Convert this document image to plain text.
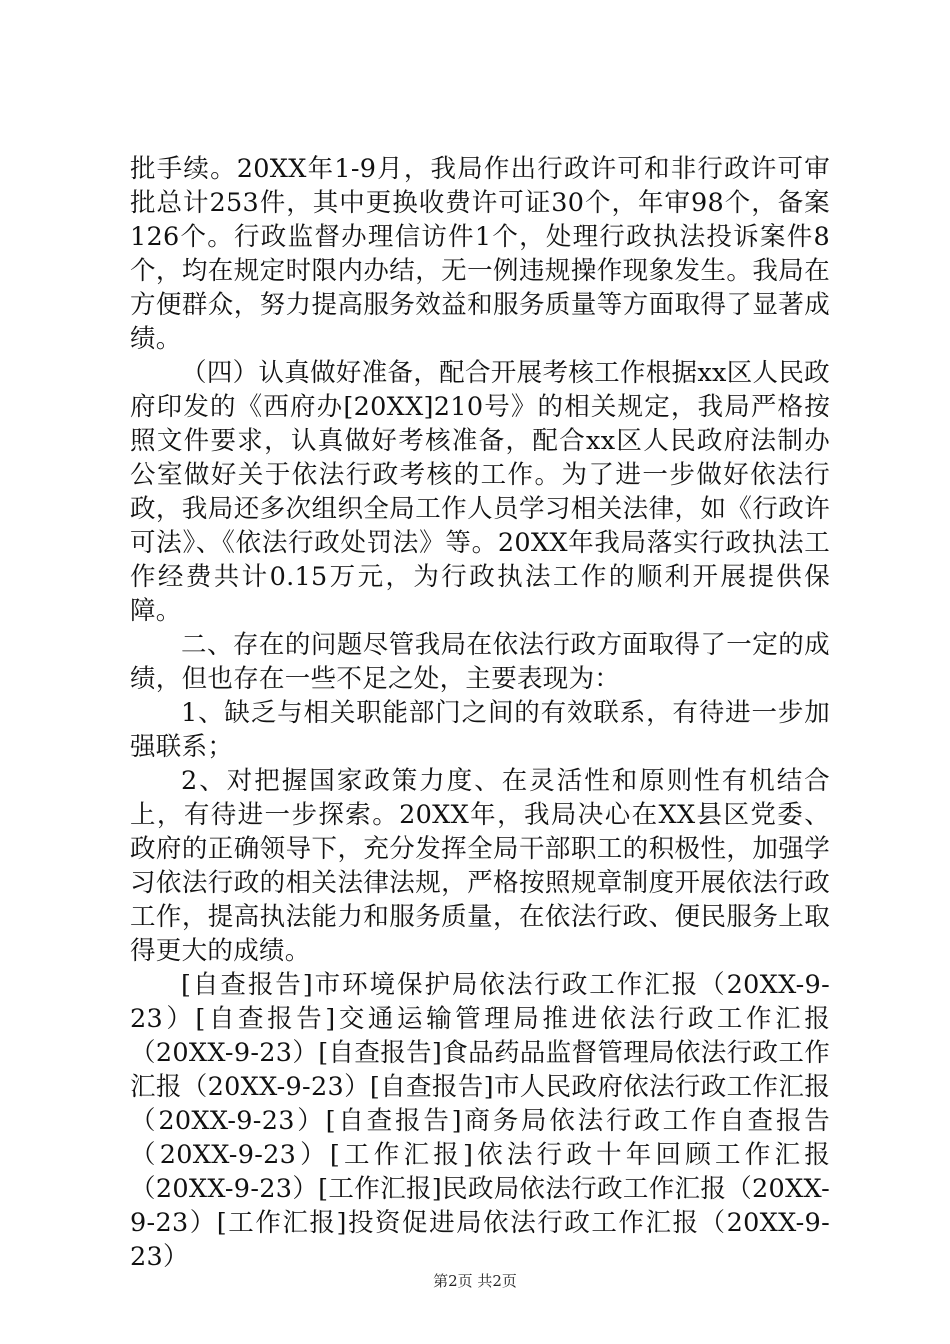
批手续。20XX年1-9月，我局作出行政许可和非行政许可审批总计253件，其中更换收费许可证30个，年审98个，备案126个。行政监督办理信访件1个，处理行政执法投诉案件8个，均在规定时限内办结，无一例违规操作现象发生。我局在方便群众，努力提高服务效益和服务质量等方面取得了显著成绩。

（四）认真做好准备，配合开展考核工作根据xx区人民政府印发的《西府办[20XX]210号》的相关规定，我局严格按照文件要求，认真做好考核准备，配合xx区人民政府法制办公室做好关于依法行政考核的工作。为了进一步做好依法行政，我局还多次组织全局工作人员学习相关法律，如《行政许可法》、《依法行政处罚法》等。20XX年我局落实行政执法工作经费共计0.15万元，为行政执法工作的顺利开展提供保障。

二、存在的问题尽管我局在依法行政方面取得了一定的成绩，但也存在一些不足之处，主要表现为：

1、缺乏与相关职能部门之间的有效联系，有待进一步加强联系；

2、对把握国家政策力度、在灵活性和原则性有机结合上，有待进一步探索。20XX年，我局决心在XX县区党委、政府的正确领导下，充分发挥全局干部职工的积极性，加强学习依法行政的相关法律法规，严格按照规章制度开展依法行政工作，提高执法能力和服务质量，在依法行政、便民服务上取得更大的成绩。

[自查报告]市环境保护局依法行政工作汇报（20XX-9-23）[自查报告]交通运输管理局推进依法行政工作汇报（20XX-9-23）[自查报告]食品药品监督管理局依法行政工作汇报（20XX-9-23）[自查报告]市人民政府依法行政工作汇报（20XX-9-23）[自查报告]商务局依法行政工作自查报告（20XX-9-23）[工作汇报]依法行政十年回顾工作汇报（20XX-9-23）[工作汇报]民政局依法行政工作汇报（20XX-9-23）[工作汇报]投资促进局依法行政工作汇报（20XX-9-23）

第2页 共2页
